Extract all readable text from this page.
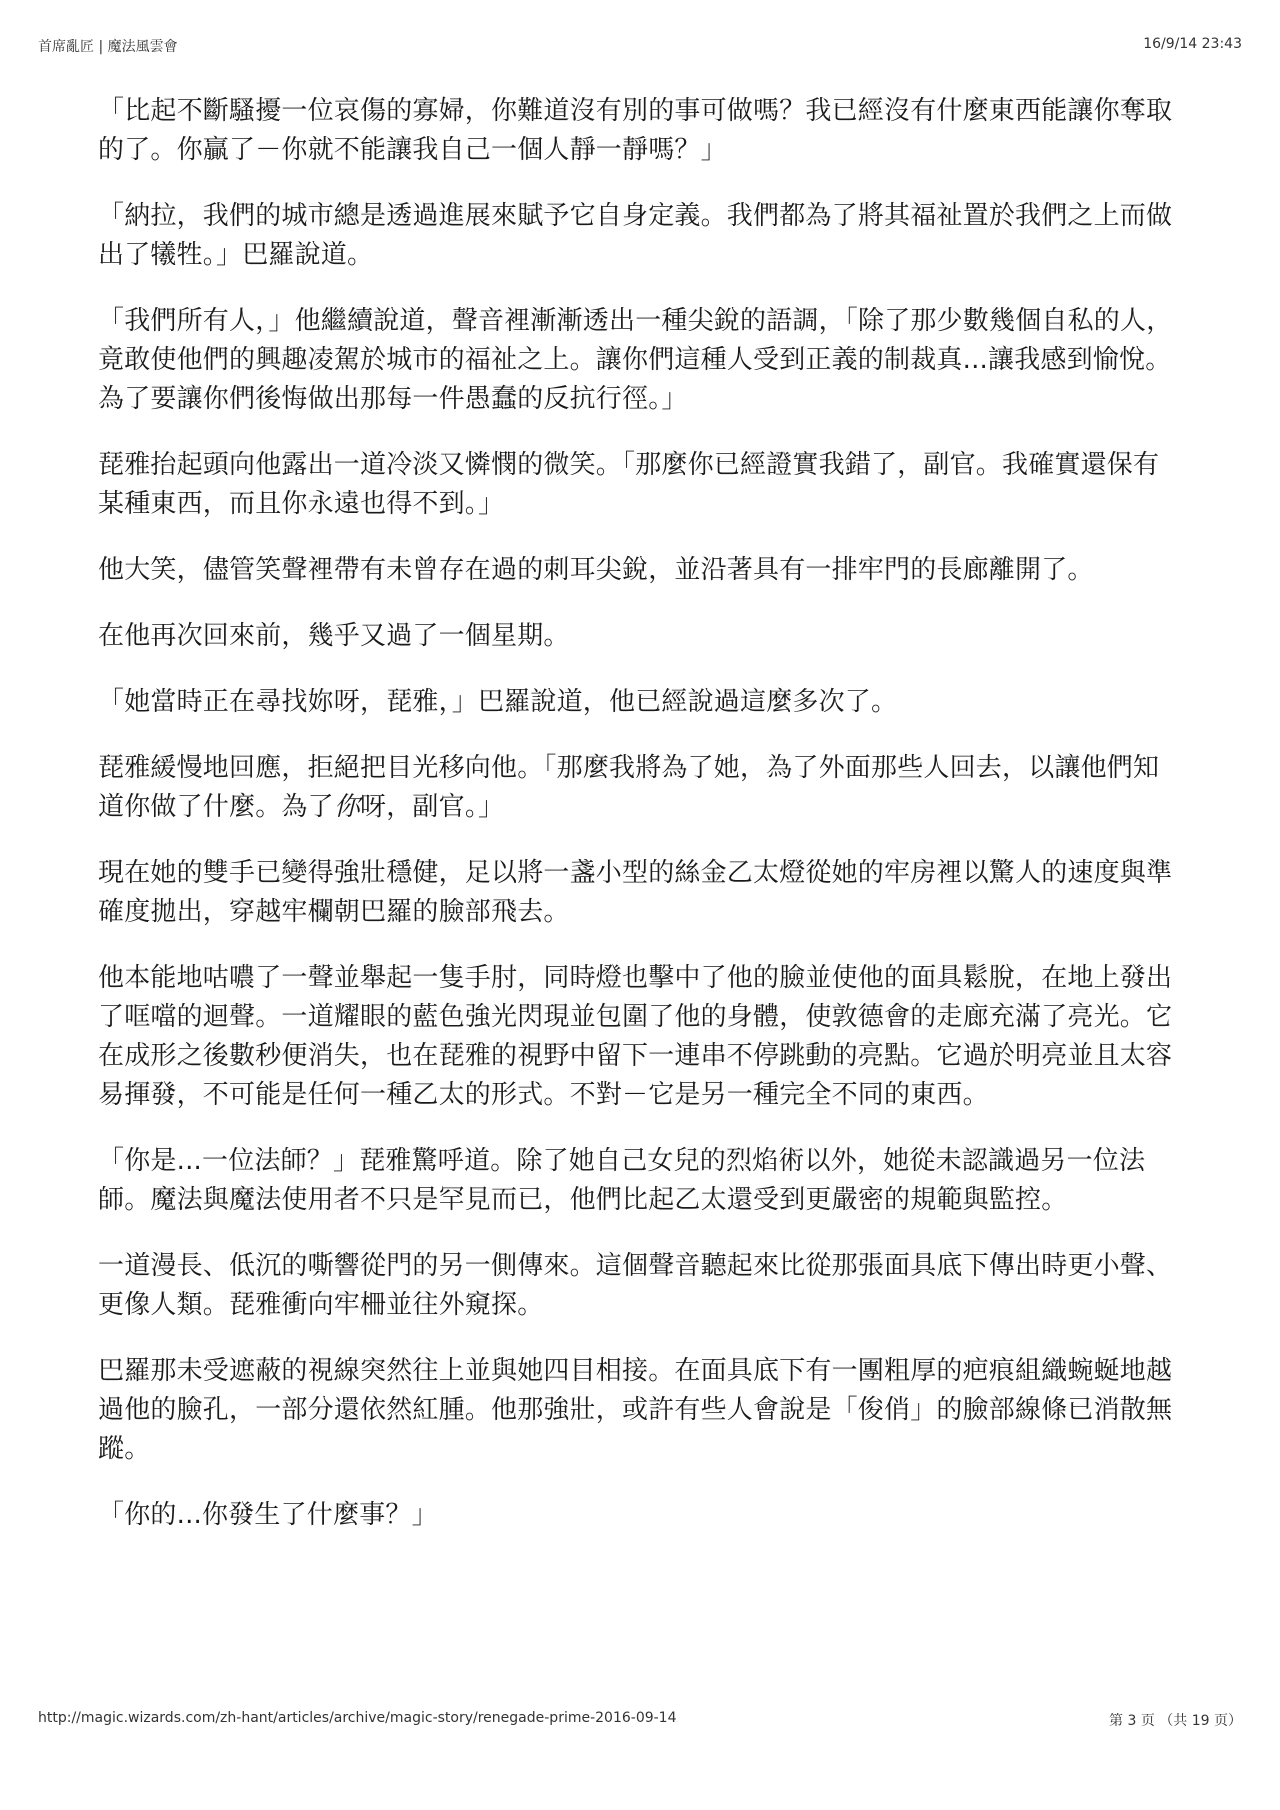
首席亂匠 | 魔法風雲會	16/9/14 23:43

「比起不斷騷擾一位哀傷的寡婦，你難道沒有別的事可做嗎？我已經沒有什麼東西能讓你奪取的了。你贏了－你就不能讓我自己一個人靜一靜嗎？」

「納拉，我們的城市總是透過進展來賦予它自身定義。我們都為了將其福祉置於我們之上而做出了犧牲。」巴羅說道。

「我們所有人，」他繼續說道，聲音裡漸漸透出一種尖銳的語調，「除了那少數幾個自私的人，竟敢使他們的興趣凌駕於城市的福祉之上。讓你們這種人受到正義的制裁真...讓我感到愉悅。為了要讓你們後悔做出那每一件愚蠢的反抗行徑。」

琵雅抬起頭向他露出一道冷淡又憐憫的微笑。「那麼你已經證實我錯了，副官。我確實還保有某種東西，而且你永遠也得不到。」

他大笑，儘管笑聲裡帶有未曾存在過的刺耳尖銳，並沿著具有一排牢門的長廊離開了。

在他再次回來前，幾乎又過了一個星期。

「她當時正在尋找妳呀，琵雅，」巴羅說道，他已經說過這麼多次了。

琵雅緩慢地回應，拒絕把目光移向他。「那麼我將為了她，為了外面那些人回去，以讓他們知道你做了什麼。為了你呀，副官。」

現在她的雙手已變得強壯穩健，足以將一盞小型的絲金乙太燈從她的牢房裡以驚人的速度與準確度拋出，穿越牢欄朝巴羅的臉部飛去。

他本能地咕噥了一聲並舉起一隻手肘，同時燈也擊中了他的臉並使他的面具鬆脫，在地上發出了哐噹的迴聲。一道耀眼的藍色強光閃現並包圍了他的身體，使敦德會的走廊充滿了亮光。它在成形之後數秒便消失，也在琵雅的視野中留下一連串不停跳動的亮點。它過於明亮並且太容易揮發，不可能是任何一種乙太的形式。不對－它是另一種完全不同的東西。

「你是...一位法師？」琵雅驚呼道。除了她自己女兒的烈焰術以外，她從未認識過另一位法師。魔法與魔法使用者不只是罕見而已，他們比起乙太還受到更嚴密的規範與監控。

一道漫長、低沉的嘶響從門的另一側傳來。這個聲音聽起來比從那張面具底下傳出時更小聲、更像人類。琵雅衝向牢柵並往外窺探。

巴羅那未受遮蔽的視線突然往上並與她四目相接。在面具底下有一團粗厚的疤痕組織蜿蜒地越過他的臉孔，一部分還依然紅腫。他那強壯，或許有些人會說是「俊俏」的臉部線條已消散無蹤。

「你的...你發生了什麼事？」

http://magic.wizards.com/zh-hant/articles/archive/magic-story/renegade-prime-2016-09-14	第 3 页 （共 19 页）
